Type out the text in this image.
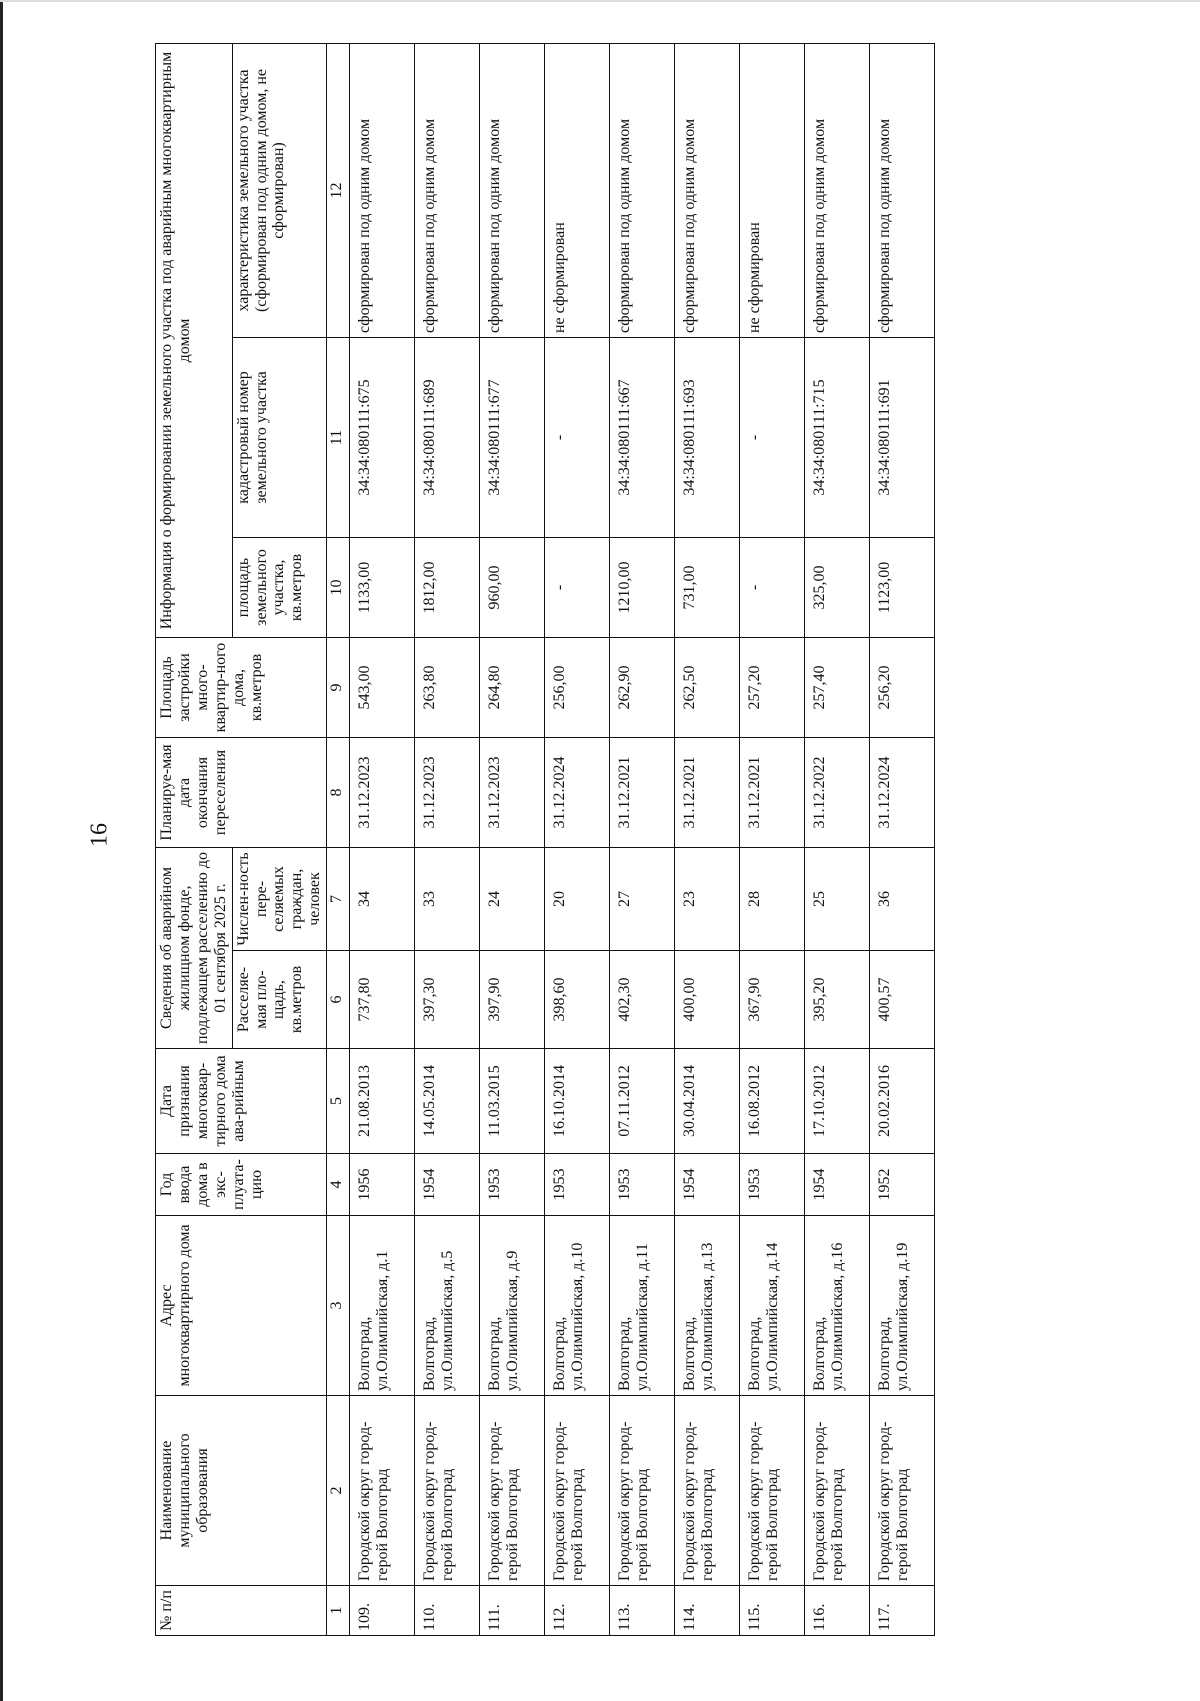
16
№ п/п	Наименование муниципального образования	Адрес многоквартирного дома	Год ввода дома в экс-плуата-цию	Дата признания многоквар-тирного дома ава-рийным	Сведения об аварийном жилищном фонде, подлежащем расселению до 01 сентября 2025 г.		Планируе-мая дата окончания переселения	Площадь застройки много-квартир-ного дома, кв.метров	Информация о формировании земельного участка под аварийным многоквартирным домом		
					Расселяе-мая пло-щадь, кв.метров	Числен-ность пере-селяемых граждан, человек			площадь земельного участка, кв.метров	кадастровый номер земельного участка	характеристика земельного участка (сформирован под одним домом, не сформирован)
1	2	3	4	5	6	7	8	9	10	11	12
109.	Городской округ город-герой Волгоград	Волгоград, ул.Олимпийская, д.1	1956	21.08.2013	737,80	34	31.12.2023	543,00	1133,00	34:34:080111:675	сформирован под одним домом
110.	Городской округ город-герой Волгоград	Волгоград, ул.Олимпийская, д.5	1954	14.05.2014	397,30	33	31.12.2023	263,80	1812,00	34:34:080111:689	сформирован под одним домом
111.	Городской округ город-герой Волгоград	Волгоград, ул.Олимпийская, д.9	1953	11.03.2015	397,90	24	31.12.2023	264,80	960,00	34:34:080111:677	сформирован под одним домом
112.	Городской округ город-герой Волгоград	Волгоград, ул.Олимпийская, д.10	1953	16.10.2014	398,60	20	31.12.2024	256,00	-	-	не сформирован
113.	Городской округ город-герой Волгоград	Волгоград, ул.Олимпийская, д.11	1953	07.11.2012	402,30	27	31.12.2021	262,90	1210,00	34:34:080111:667	сформирован под одним домом
114.	Городской округ город-герой Волгоград	Волгоград, ул.Олимпийская, д.13	1954	30.04.2014	400,00	23	31.12.2021	262,50	731,00	34:34:080111:693	сформирован под одним домом
115.	Городской округ город-герой Волгоград	Волгоград, ул.Олимпийская, д.14	1953	16.08.2012	367,90	28	31.12.2021	257,20	-	-	не сформирован
116.	Городской округ город-герой Волгоград	Волгоград, ул.Олимпийская, д.16	1954	17.10.2012	395,20	25	31.12.2022	257,40	325,00	34:34:080111:715	сформирован под одним домом
117.	Городской округ город-герой Волгоград	Волгоград, ул.Олимпийская, д.19	1952	20.02.2016	400,57	36	31.12.2024	256,20	1123,00	34:34:080111:691	сформирован под одним домом
